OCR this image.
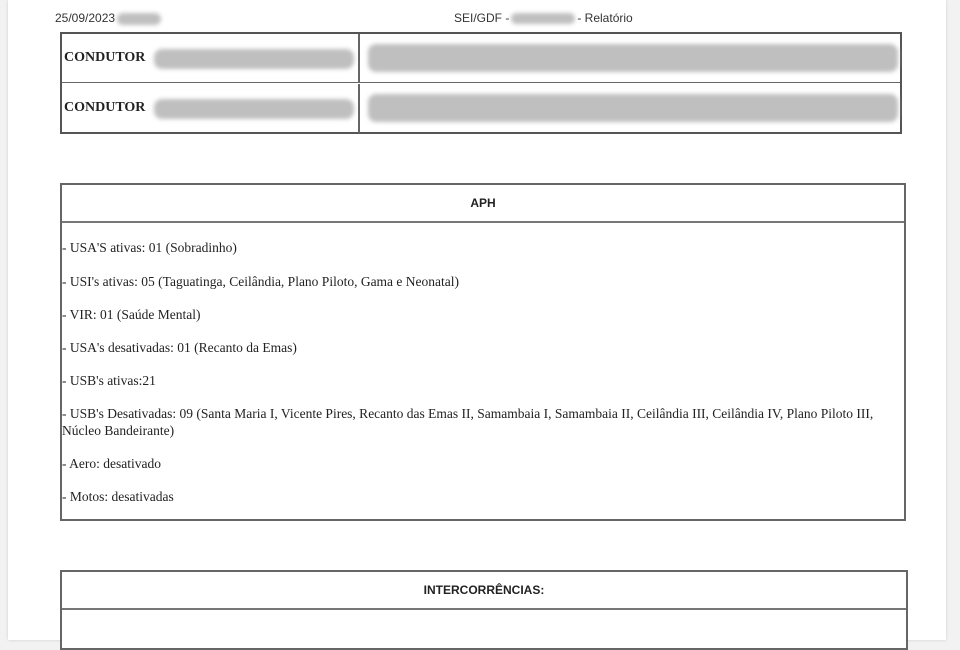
25/09/2023	SEI/GDF -	- Relatório
CONDUTOR
CONDUTOR
APH
- USA'S ativas: 01 (Sobradinho)
- USI's ativas: 05 (Taguatinga, Ceilândia, Plano Piloto, Gama e Neonatal)
- VIR: 01 (Saúde Mental)
- USA's desativadas: 01 (Recanto da Emas)
- USB's ativas:21
- USB's Desativadas: 09 (Santa Maria I, Vicente Pires, Recanto das Emas II, Samambaia I, Samambaia II, Ceilândia III, Ceilândia IV, Plano Piloto III, Núcleo Bandeirante)
- Aero: desativado
- Motos: desativadas
INTERCORRÊNCIAS:
